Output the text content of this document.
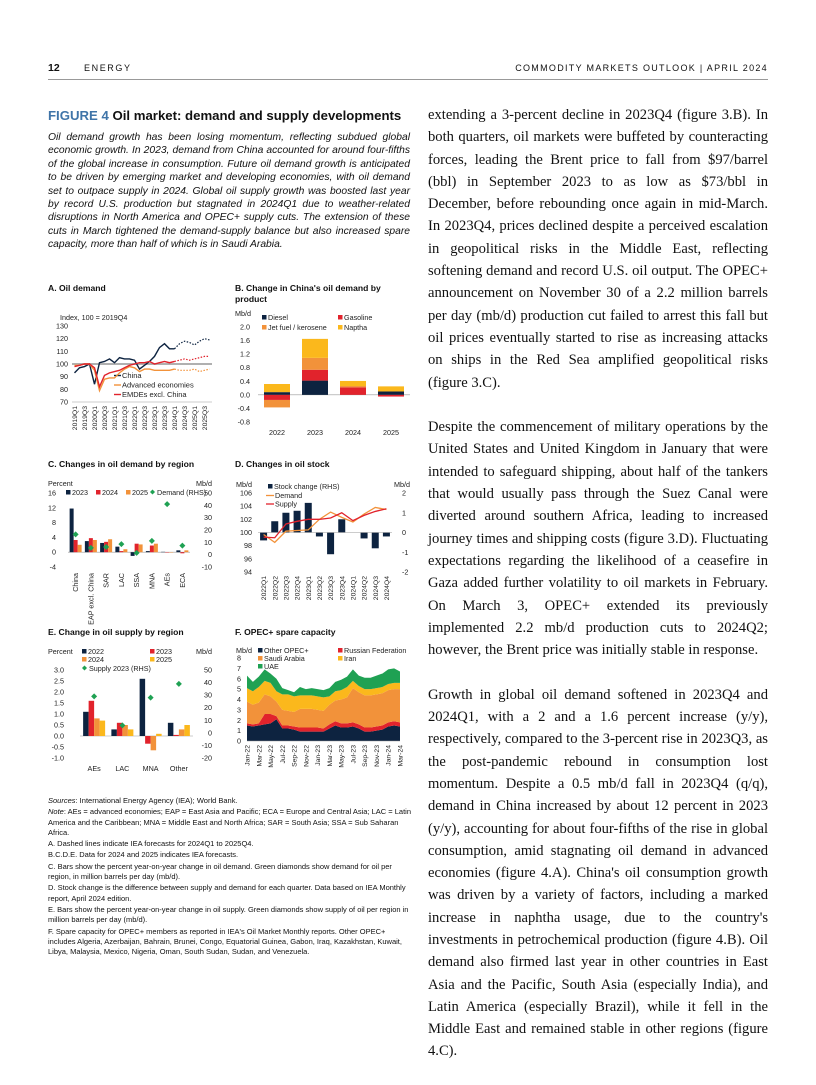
12	ENERGY	COMMODITY MARKETS OUTLOOK | APRIL 2024
FIGURE 4 Oil market: demand and supply developments
Oil demand growth has been losing momentum, reflecting subdued global economic growth. In 2023, demand from China accounted for around four-fifths of the global increase in consumption. Future oil demand growth is anticipated to be driven by emerging market and developing economies, with oil demand set to outpace supply in 2024. Global oil supply growth was boosted last year by record U.S. production but stagnated in 2024Q1 due to weather-related disruptions in North America and OPEC+ supply cuts. The extension of these cuts in March tightened the demand-supply balance but also increased spare capacity, more than half of which is in Saudi Arabia.
A. Oil demand	B. Change in China's oil demand by product
C. Changes in oil demand by region	D. Changes in oil stock
E. Change in oil supply by region	F. OPEC+ spare capacity
Index, 100 = 2019Q4
70
80
90
100
110
120
130
2019Q1 2019Q3 2020Q1 2020Q3 2021Q1 2021Q3 2022Q1 2022Q3 2023Q1 2023Q3 2024Q1 2024Q3 2025Q1 2025Q3
China
Advanced economies
EMDEs excl. China
Mb/d
-0.8
-0.4
0.0
0.4
0.8
1.2
1.6
2.0
2022	2023	2024	2025
Diesel	Gasoline
Jet fuel / kerosene Naptha
Percent	Mb/d
-4
0
4
8
12
16
-10
0
10
20
30
40
50
China EAP excl. China SAR LAC SSA MNA AEs ECA
2023 2024 2025 Demand (RHS)
Mb/d	Mb/d
94
96
98
100
102
104
106
-2
-1
0
1
2
2022Q1 2022Q2 2022Q3 2022Q4 2023Q1 2023Q2 2023Q3 2023Q4 2024Q1 2024Q2 2024Q3 2024Q4
Stock change (RHS)
Demand
Supply
Percent	Mb/d
-1.0
-0.5
0.0
0.5
1.0
1.5
2.0
2.5
3.0
-20
-10
0
10
20
30
40
50
AEs LAC MNA Other
2022	2023
2024	2025
Supply 2023 (RHS)
Mb/d
0
1
2
3
4
5
6
7
8
Jan-22 Mar-22 May-22 Jul-22 Sep-22 Nov-22 Jan-23 Mar-23 May-23 Jul-23 Sep-23 Nov-23 Jan-24 Mar-24
Other OPEC+	Russian Federation
Saudi Arabia	Iran
UAE

Sources: International Energy Agency (IEA); World Bank.

Note: AEs = advanced economies; EAP = East Asia and Pacific; ECA = Europe and Central Asia; LAC = Latin America and the Caribbean; MNA = Middle East and North Africa; SAR = South Asia; SSA = Sub Saharan Africa.

A. Dashed lines indicate IEA forecasts for 2024Q1 to 2025Q4.

B.C.D.E. Data for 2024 and 2025 indicates IEA forecasts.

C. Bars show the percent year-on-year change in oil demand. Green diamonds show demand for oil per region, in million barrels per day (mb/d).

D. Stock change is the difference between supply and demand for each quarter. Data based on IEA Monthly report, April 2024 edition.

E. Bars show the percent year-on-year change in oil supply. Green diamonds show supply of oil per region in million barrels per day (mb/d).

F. Spare capacity for OPEC+ members as reported in IEA's Oil Market Monthly reports. Other OPEC+ includes Algeria, Azerbaijan, Bahrain, Brunei, Congo, Equatorial Guinea, Gabon, Iraq, Kazakhstan, Kuwait, Libya, Malaysia, Mexico, Nigeria, Oman, South Sudan, Sudan, and Venezuela.

extending a 3-percent decline in 2023Q4 (figure 3.B). In both quarters, oil markets were buffeted by counteracting forces, leading the Brent price to fall from $97/barrel (bbl) in September 2023 to as low as $73/bbl in December, before rebounding once again in mid-March. In 2023Q4, prices declined despite a perceived escalation in geopolitical risks in the Middle East, reflecting softening demand and record U.S. oil output. The OPEC+ announcement on November 30 of a 2.2 million barrels per day (mb/d) production cut failed to arrest this fall but oil prices eventually started to rise as increasing attacks on ships in the Red Sea amplified geopolitical risks (figure 3.C).

Despite the commencement of military operations by the United States and United Kingdom in January that were intended to safeguard shipping, about half of the tankers that would usually pass through the Suez Canal were diverted around southern Africa, leading to increased journey times and shipping costs (figure 3.D). Fluctuating expectations regarding the likelihood of a ceasefire in Gaza added further volatility to oil markets in February. On March 3, OPEC+ extended its previously implemented 2.2 mb/d production cuts to 2024Q2; however, the Brent price was initially stable in response.

Growth in global oil demand softened in 2023Q4 and 2024Q1, with a 2 and a 1.6 percent increase (y/y), respectively, compared to the 3-percent rise in 2023Q3, as the post-pandemic rebound in consumption lost momentum. Despite a 0.5 mb/d fall in 2023Q4 (q/q), demand in China increased by about 12 percent in 2023 (y/y), accounting for about four-fifths of the rise in global consumption, amid stagnating oil demand in advanced economies (figure 4.A). China's oil consumption growth was driven by a variety of factors, including a marked increase in naphtha usage, due to the country's investments in petrochemical production (figure 4.B). Oil demand also firmed last year in other countries in East Asia and the Pacific, South Asia (especially India), and Latin America (especially Brazil), while it fell in the Middle East and remained stable in other regions (figure 4.C).
